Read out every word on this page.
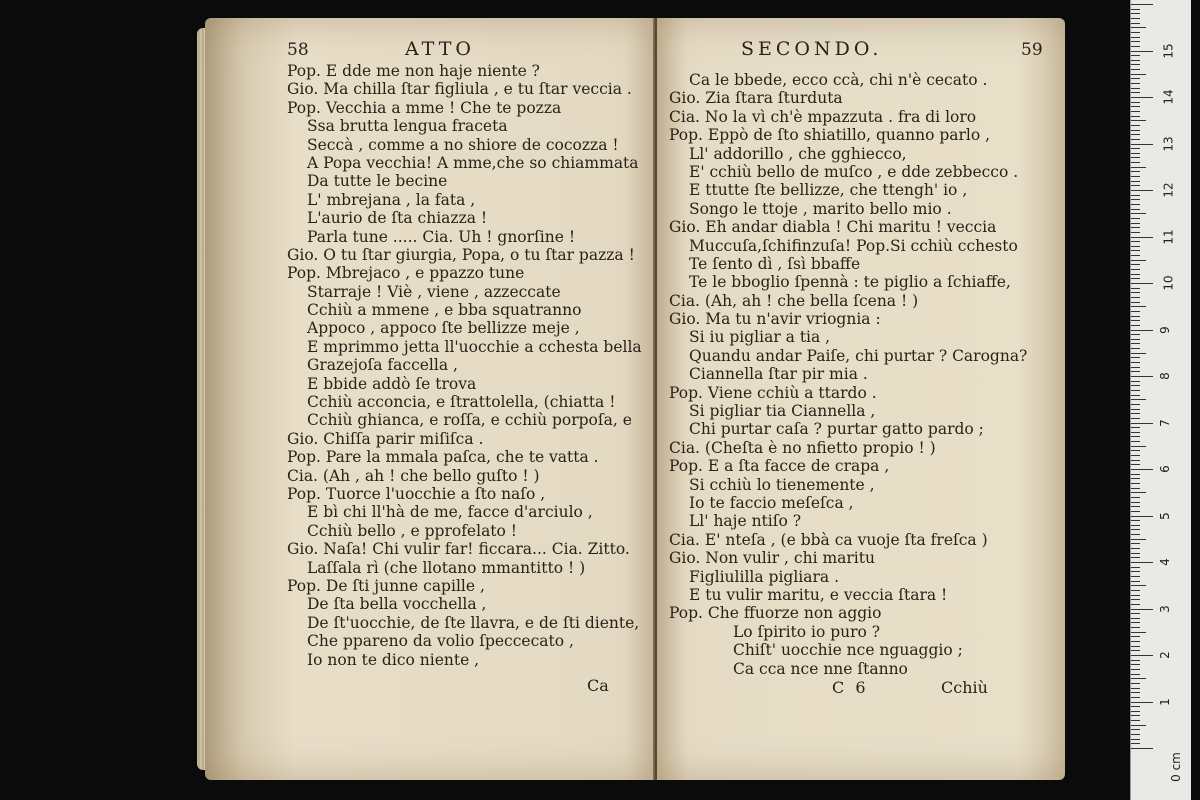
58	ATTO
Pop. E dde me non haje niente ?
Gio. Ma chilla ſtar figliula , e tu ſtar veccia .
Pop. Vecchia a mme ! Che te pozza
Ssa brutta lengua fraceta
Seccà , comme a no shiore de cocozza !
A Popa vecchia! A mme,che so chiammata
Da tutte le becine
L' mbrejana , la fata ,
L'aurio de ſta chiazza !
Parla tune ..... Cia. Uh ! gnorſine !
Gio. O tu ſtar giurgia, Popa, o tu ſtar pazza !
Pop. Mbrejaco , e ppazzo tune
Starraje ! Viè , viene , azzeccate
Cchiù a mmene , e bba squatranno
Appoco , appoco ſte bellizze meje ,
E mprimmo jetta ll'uocchie a cchesta bella
Grazejoſa faccella ,
E bbide addò ſe trova
Cchiù acconcia, e ſtrattolella, (chiatta !
Cchiù ghianca, e roſſa, e cchiù porpoſa, e
Gio. Chiſſa parir miſiſca .
Pop. Pare la mmala paſca, che te vatta .
Cia. (Ah , ah ! che bello guſto ! )
Pop. Tuorce l'uocchie a ſto naſo ,
E bì chi ll'hà de me, facce d'arciulo ,
Cchiù bello , e pprofelato !
Gio. Naſa! Chi vulir far! ficcara... Cia. Zitto.
Laſſala rì (che llotano mmantitto ! )
Pop. De ſti junne capille ,
De ſta bella vocchella ,
De ſt'uocchie, de ſte llavra, e de ſti diente,
Che ppareno da volio ſpeccecato ,
Io non te dico niente ,
Ca
SECONDO.	59
Ca le bbede, ecco ccà, chi n'è cecato .
Gio. Zia ſtara ſturduta
Cia. No la vì ch'è mpazzuta . fra di loro
Pop. Eppò de ſto shiatillo, quanno parlo ,
Ll' addorillo , che gghiecco,
E' cchiù bello de muſco , e dde zebbecco .
E ttutte ſte bellizze, che ttengh' io ,
Songo le ttoje , marito bello mio .
Gio. Eh andar diabla ! Chi maritu ! veccia
Muccuſa,ſchifinzuſa! Pop.Si cchiù cchesto
Te ſento dì , ſsì bbaffe
Te le bboglio ſpennà : te piglio a ſchiaffe,
Cia. (Ah, ah ! che bella ſcena ! )
Gio. Ma tu n'avir vriognia :
Si iu pigliar a tia ,
Quandu andar Paiſe, chi purtar ? Carogna?
Ciannella ſtar pir mia .
Pop. Viene cchiù a ttardo .
Si pigliar tia Ciannella ,
Chi purtar caſa ? purtar gatto pardo ;
Cia. (Cheſta è no nfietto propio ! )
Pop. E a ſta facce de crapa ,
Si cchiù lo tienemente ,
Io te faccio meſeſca ,
Ll' haje ntiſo ?
Cia. E' nteſa , (e bbà ca vuoje ſta freſca )
Gio. Non vulir , chi maritu
Figliulilla pigliara .
E tu vulir maritu, e veccia ſtara !
Pop. Che ffuorze non aggio
Lo ſpirito io puro ?
Chiſt' uocchie nce nguaggio ;
Ca cca nce nne ſtanno
C 6	Cchiù
0 cm
1
2
3
4
5
6
7
8
9
10
11
12
13
14
15
